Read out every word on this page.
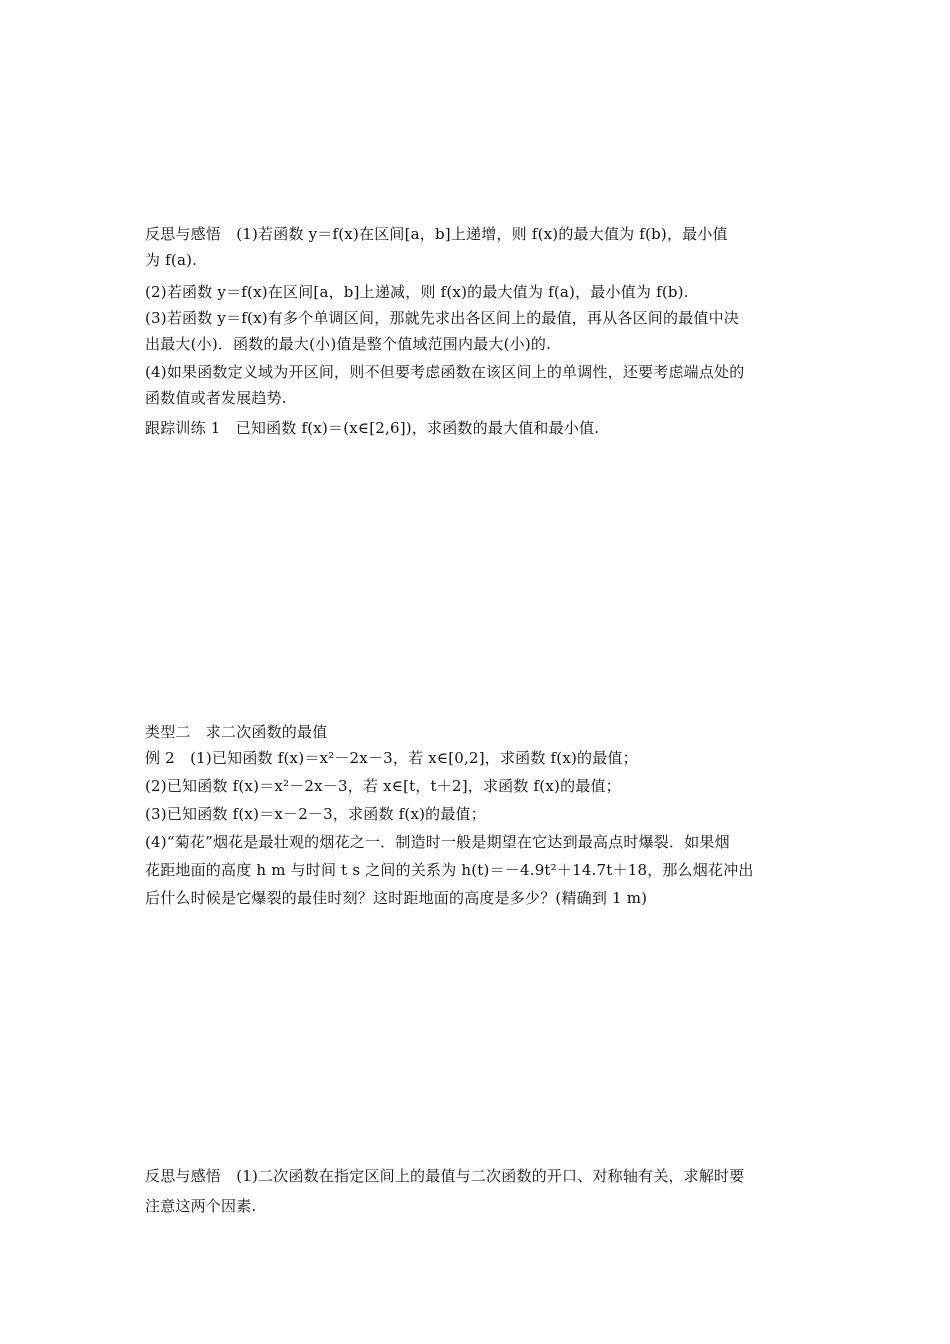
反思与感悟　(1)若函数 y＝f(x)在区间[a，b]上递增，则 f(x)的最大值为 f(b)，最小值
为 f(a).
(2)若函数 y＝f(x)在区间[a，b]上递减，则 f(x)的最大值为 f(a)，最小值为 f(b).
(3)若函数 y＝f(x)有多个单调区间，那就先求出各区间上的最值，再从各区间的最值中决
出最大(小)．函数的最大(小)值是整个值域范围内最大(小)的.
(4)如果函数定义域为开区间，则不但要考虑函数在该区间上的单调性，还要考虑端点处的
函数值或者发展趋势.
跟踪训练 1　已知函数 f(x)＝(x∈[2,6])，求函数的最大值和最小值.
类型二　求二次函数的最值
例 2　(1)已知函数 f(x)＝x²－2x－3，若 x∈[0,2]，求函数 f(x)的最值；
(2)已知函数 f(x)＝x²－2x－3，若 x∈[t，t＋2]，求函数 f(x)的最值；
(3)已知函数 f(x)＝x－2－3，求函数 f(x)的最值；
(4)“菊花”烟花是最壮观的烟花之一．制造时一般是期望在它达到最高点时爆裂．如果烟
花距地面的高度 h m 与时间 t s 之间的关系为 h(t)＝－4.9t²＋14.7t＋18，那么烟花冲出
后什么时候是它爆裂的最佳时刻？这时距地面的高度是多少？(精确到 1 m)
反思与感悟　(1)二次函数在指定区间上的最值与二次函数的开口、对称轴有关，求解时要
注意这两个因素.
